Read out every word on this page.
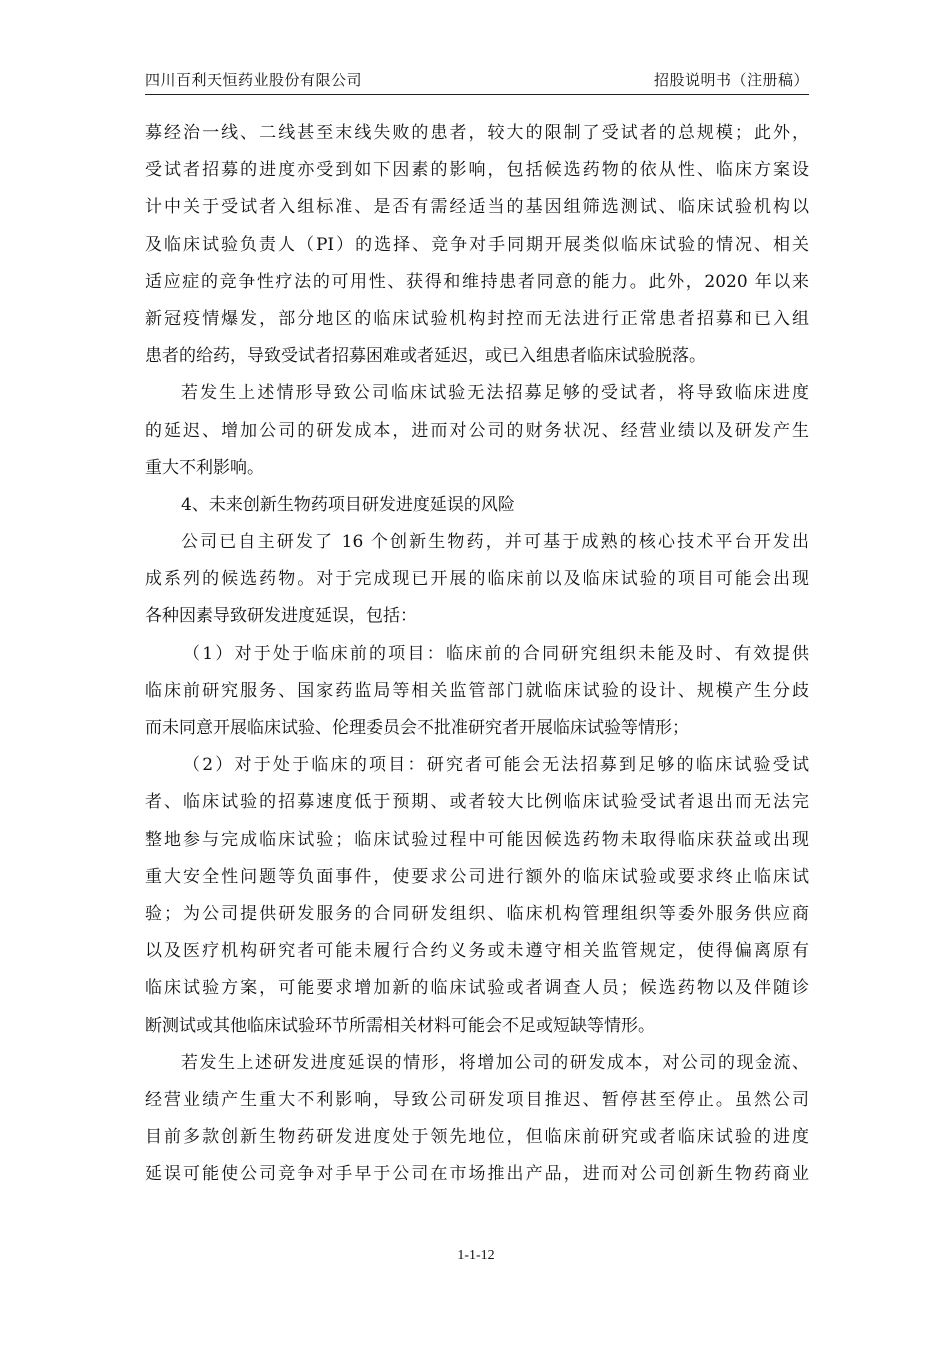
四川百利天恒药业股份有限公司	招股说明书（注册稿）
募经治一线、二线甚至末线失败的患者，较大的限制了受试者的总规模；此外，
受试者招募的进度亦受到如下因素的影响，包括候选药物的依从性、临床方案设
计中关于受试者入组标准、是否有需经适当的基因组筛选测试、临床试验机构以
及临床试验负责人（PI）的选择、竞争对手同期开展类似临床试验的情况、相关
适应症的竞争性疗法的可用性、获得和维持患者同意的能力。此外，2020 年以来
新冠疫情爆发，部分地区的临床试验机构封控而无法进行正常患者招募和已入组
患者的给药，导致受试者招募困难或者延迟，或已入组患者临床试验脱落。
若发生上述情形导致公司临床试验无法招募足够的受试者，将导致临床进度
的延迟、增加公司的研发成本，进而对公司的财务状况、经营业绩以及研发产生
重大不利影响。
4、未来创新生物药项目研发进度延误的风险
公司已自主研发了 16 个创新生物药，并可基于成熟的核心技术平台开发出
成系列的候选药物。对于完成现已开展的临床前以及临床试验的项目可能会出现
各种因素导致研发进度延误，包括：
（1）对于处于临床前的项目：临床前的合同研究组织未能及时、有效提供
临床前研究服务、国家药监局等相关监管部门就临床试验的设计、规模产生分歧
而未同意开展临床试验、伦理委员会不批准研究者开展临床试验等情形；
（2）对于处于临床的项目：研究者可能会无法招募到足够的临床试验受试
者、临床试验的招募速度低于预期、或者较大比例临床试验受试者退出而无法完
整地参与完成临床试验；临床试验过程中可能因候选药物未取得临床获益或出现
重大安全性问题等负面事件，使要求公司进行额外的临床试验或要求终止临床试
验；为公司提供研发服务的合同研发组织、临床机构管理组织等委外服务供应商
以及医疗机构研究者可能未履行合约义务或未遵守相关监管规定，使得偏离原有
临床试验方案，可能要求增加新的临床试验或者调查人员；候选药物以及伴随诊
断测试或其他临床试验环节所需相关材料可能会不足或短缺等情形。
若发生上述研发进度延误的情形，将增加公司的研发成本，对公司的现金流、
经营业绩产生重大不利影响，导致公司研发项目推迟、暂停甚至停止。虽然公司
目前多款创新生物药研发进度处于领先地位，但临床前研究或者临床试验的进度
延误可能使公司竞争对手早于公司在市场推出产品，进而对公司创新生物药商业
1-1-12
